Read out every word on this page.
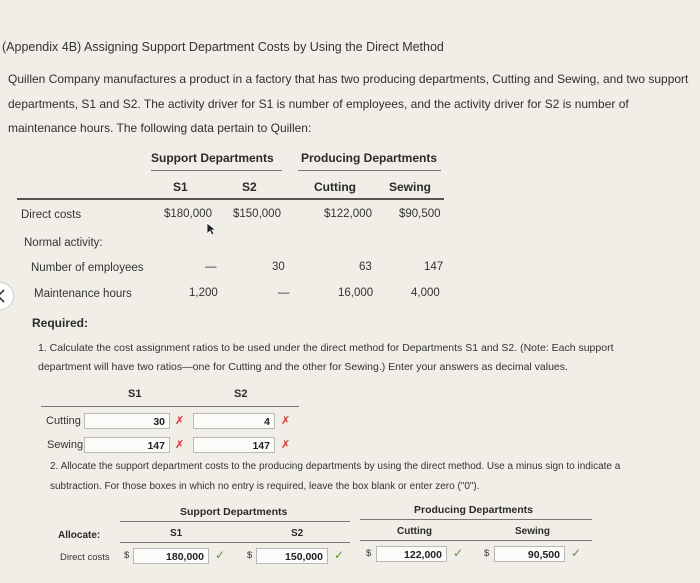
(Appendix 4B) Assigning Support Department Costs by Using the Direct Method
Quillen Company manufactures a product in a factory that has two producing departments, Cutting and Sewing, and two support
departments, S1 and S2. The activity driver for S1 is number of employees, and the activity driver for S2 is number of
maintenance hours. The following data pertain to Quillen:
Support Departments Producing Departments
S1	S2	Cutting	Sewing
Direct costs	$180,000 $150,000	$122,000 $90,500
Normal activity:
Number of employees	—	30	63	147
Maintenance hours	1,200	—	16,000	4,000
Required:
1. Calculate the cost assignment ratios to be used under the direct method for Departments S1 and S2. (Note: Each support
department will have two ratios—one for Cutting and the other for Sewing.) Enter your answers as decimal values.
S1	S2
Cutting	30 ✗	4	✗
Sewing	147 ✗	147	✗
2. Allocate the support department costs to the producing departments by using the direct method. Use a minus sign to indicate a
subtraction. For those boxes in which no entry is required, leave the box blank or enter zero ("0").
Support Departments	Producing Departments
Allocate:	S1	S2	Cutting	Sewing
Direct costs $	180,000 ✓ $	150,000 ✓ $	122,000 ✓ $	90,500 ✓
